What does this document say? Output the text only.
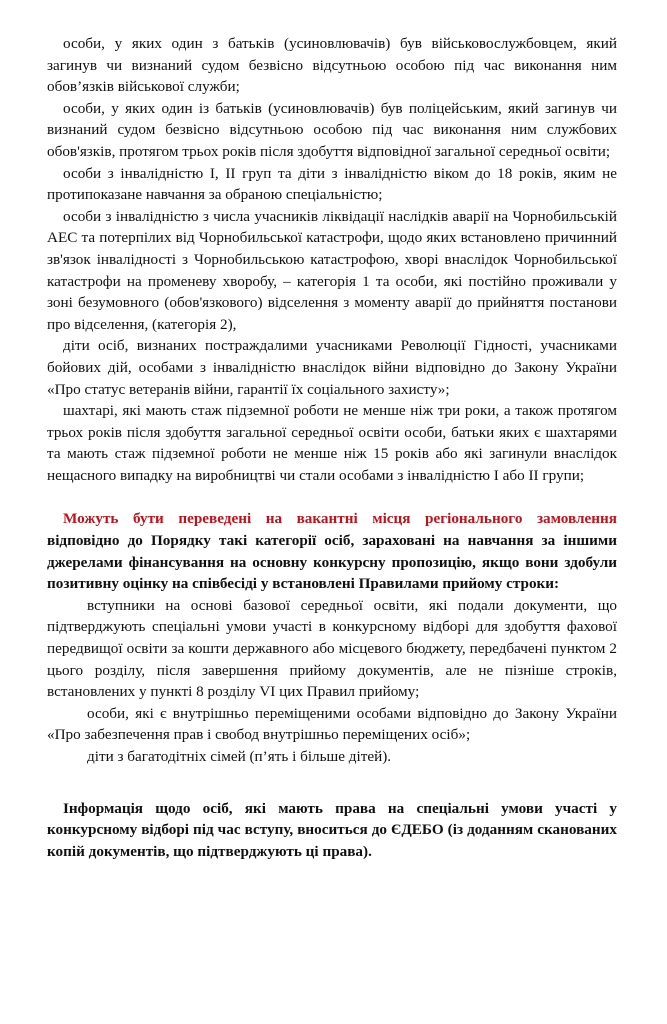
особи, у яких один з батьків (усиновлювачів) був військовослужбовцем, який загинув чи визнаний судом безвісно відсутньою особою під час виконання ним обов’язків військової служби;

особи, у яких один із батьків (усиновлювачів) був поліцейським, який загинув чи визнаний судом безвісно відсутньою особою під час виконання ним службових обов'язків, протягом трьох років після здобуття відповідної загальної середньої освіти;

особи з інвалідністю I, II груп та діти з інвалідністю віком до 18 років, яким не протипоказане навчання за обраною спеціальністю;

особи з інвалідністю з числа учасників ліквідації наслідків аварії на Чорнобильській АЕС та потерпілих від Чорнобильської катастрофи, щодо яких встановлено причинний зв'язок інвалідності з Чорнобильською катастрофою, хворі внаслідок Чорнобильської катастрофи на променеву хворобу, – категорія 1 та особи, які постійно проживали у зоні безумовного (обов'язкового) відселення з моменту аварії до прийняття постанови про відселення, (категорія 2),

діти осіб, визнаних постраждалими учасниками Революції Гідності, учасниками бойових дій, особами з інвалідністю внаслідок війни відповідно до Закону України «Про статус ветеранів війни, гарантії їх соціального захисту»;

шахтарі, які мають стаж підземної роботи не менше ніж три роки, а також протягом трьох років після здобуття загальної середньої освіти особи, батьки яких є шахтарями та мають стаж підземної роботи не менше ніж 15 років або які загинули внаслідок нещасного випадку на виробництві чи стали особами з інвалідністю I або II групи;

Можуть бути переведені на вакантні місця регіонального замовлення відповідно до Порядку такі категорії осіб, зараховані на навчання за іншими джерелами фінансування на основну конкурсну пропозицію, якщо вони здобули позитивну оцінку на співбесіді у встановлені Правилами прийому строки:

вступники на основі базової середньої освіти, які подали документи, що підтверджують спеціальні умови участі в конкурсному відборі для здобуття фахової передвищої освіти за кошти державного або місцевого бюджету, передбачені пунктом 2 цього розділу, після завершення прийому документів, але не пізніше строків, встановлених у пункті 8 розділу VI цих Правил прийому;

особи, які є внутрішньо переміщеними особами відповідно до Закону України «Про забезпечення прав і свобод внутрішньо переміщених осіб»;

діти з багатодітніх сімей (п’ять і більше дітей).

Інформація щодо осіб, які мають права на спеціальні умови участі у конкурсному відборі під час вступу, вноситься до ЄДЕБО (із доданням сканованих копій документів, що підтверджують ці права).
